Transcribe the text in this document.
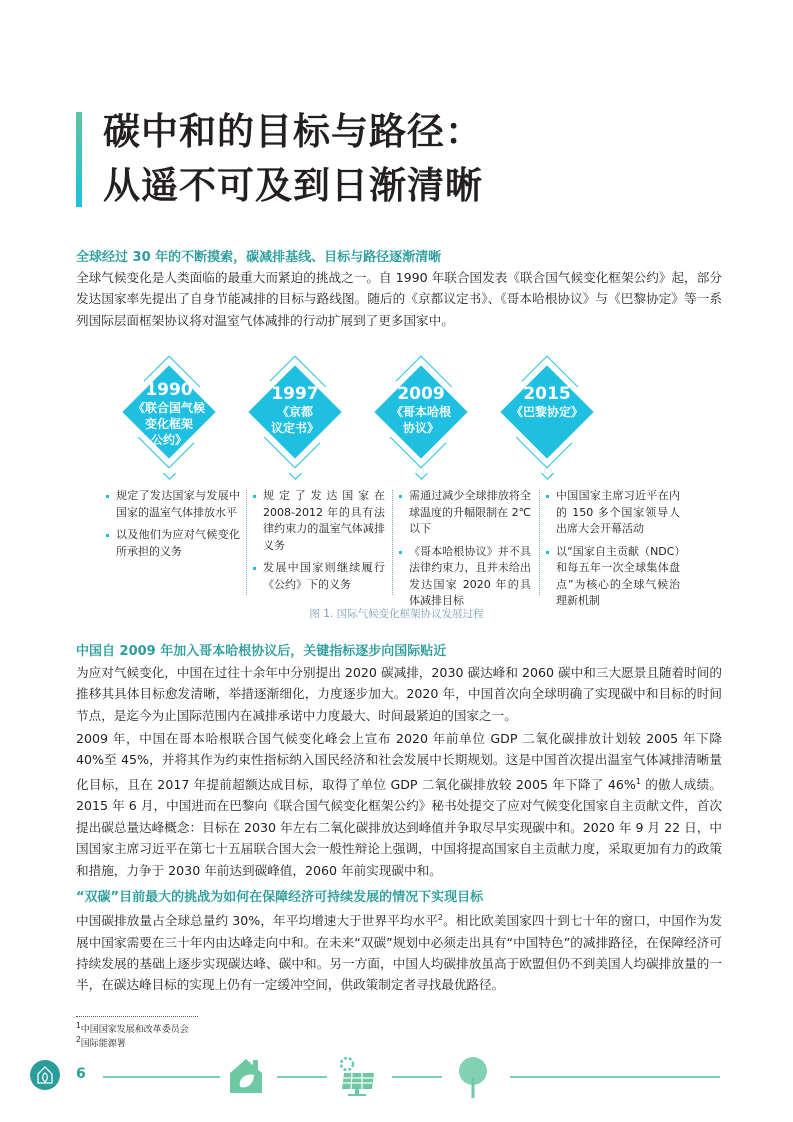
碳中和的目标与路径：
从遥不可及到日渐清晰
全球经过 30 年的不断摸索，碳减排基线、目标与路径逐渐清晰
全球气候变化是人类面临的最重大而紧迫的挑战之一。自 1990 年联合国发表《联合国气候变化框架公约》起，部分发达国家率先提出了自身节能减排的目标与路线图。随后的《京都议定书》、《哥本哈根协议》与《巴黎协定》等一系列国际层面框架协议将对温室气体减排的行动扩展到了更多国家中。
1990
《联合国气候
变化框架
公约》
规定了发达国家与发展中国家的温室气体排放水平
以及他们为应对气候变化所承担的义务
1997
《京都
议定书》
规定了发达国家在 2008-2012 年的具有法律约束力的温室气体减排义务
发展中国家则继续履行《公约》下的义务
2009
《哥本哈根
协议》
需通过减少全球排放将全球温度的升幅限制在 2℃以下
《哥本哈根协议》并不具法律约束力，且并未给出发达国家 2020 年的具体减排目标
2015
《巴黎协定》
中国国家主席习近平在内的 150 多个国家领导人出席大会开幕活动
以“国家自主贡献（NDC）和每五年一次全球集体盘点”为核心的全球气候治理新机制
图 1. 国际气候变化框架协议发展过程
中国自 2009 年加入哥本哈根协议后，关键指标逐步向国际贴近
为应对气候变化，中国在过往十余年中分别提出 2020 碳减排，2030 碳达峰和 2060 碳中和三大愿景且随着时间的推移其具体目标愈发清晰，举措逐渐细化，力度逐步加大。2020 年，中国首次向全球明确了实现碳中和目标的时间节点，是迄今为止国际范围内在减排承诺中力度最大、时间最紧迫的国家之一。
2009 年，中国在哥本哈根联合国气候变化峰会上宣布 2020 年前单位 GDP 二氧化碳排放计划较 2005 年下降 40%至 45%，并将其作为约束性指标纳入国民经济和社会发展中长期规划。这是中国首次提出温室气体减排清晰量化目标，且在 2017 年提前超额达成目标，取得了单位 GDP 二氧化碳排放较 2005 年下降了 46%$^1$ 的傲人成绩。2015 年 6 月，中国进而在巴黎向《联合国气候变化框架公约》秘书处提交了应对气候变化国家自主贡献文件，首次提出碳总量达峰概念：目标在 2030 年左右二氧化碳排放达到峰值并争取尽早实现碳中和。2020 年 9 月 22 日，中国国家主席习近平在第七十五届联合国大会一般性辩论上强调，中国将提高国家自主贡献力度，采取更加有力的政策和措施，力争于 2030 年前达到碳峰值，2060 年前实现碳中和。
“双碳”目前最大的挑战为如何在保障经济可持续发展的情况下实现目标
中国碳排放量占全球总量约 30%，年平均增速大于世界平均水平$^2$。相比欧美国家四十到七十年的窗口，中国作为发展中国家需要在三十年内由达峰走向中和。在未来“双碳”规划中必须走出具有“中国特色”的减排路径，在保障经济可持续发展的基础上逐步实现碳达峰、碳中和。另一方面，中国人均碳排放虽高于欧盟但仍不到美国人均碳排放量的一半，在碳达峰目标的实现上仍有一定缓冲空间，供政策制定者寻找最优路径。
$^1$中国国家发展和改革委员会
$^2$国际能源署
6
